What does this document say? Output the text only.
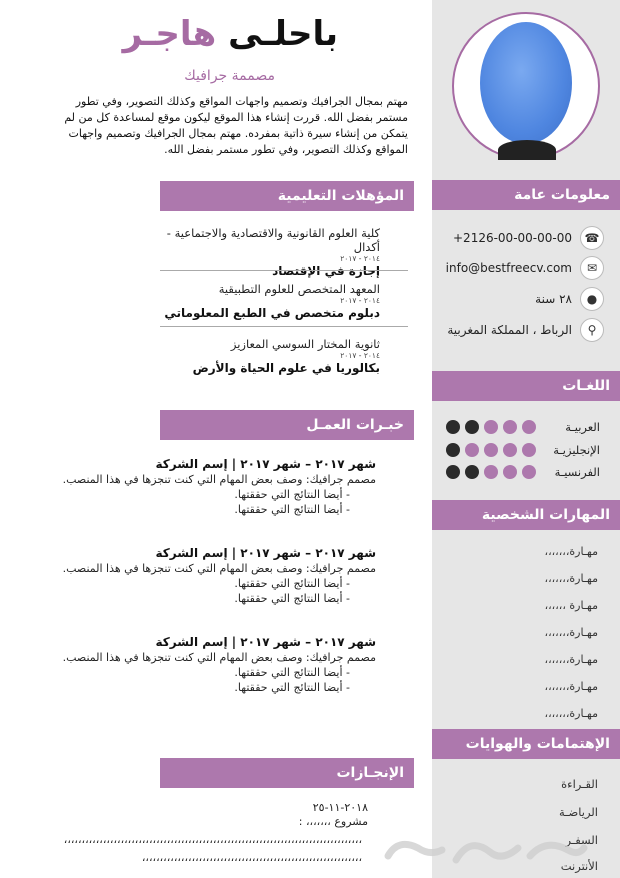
باحلـى هاجـر
مصممة جرافيك
مهتم بمجال الجرافيك وتصميم واجهات المواقع وكذلك التصوير، وفي تطور مستمر بفضل الله. قررت إنشاء هذا الموقع ليكون موقع لمساعدة كل من لم يتمكن من إنشاء سيرة ذاتية بمفرده. مهتم بمجال الجرافيك وتصميم واجهات المواقع وكذلك التصوير، وفي تطور مستمر بفضل الله.
المؤهلات التعليمية
كلية العلوم القانونية والاقتصادية والاجتماعية - أكدال
٢٠١٤ - ٢٠١٧
إجازة في الإقتصاد
المعهد المتخصص للعلوم التطبيقية
٢٠١٤ - ٢٠١٧
دبلوم متخصص في الطبع المعلوماتي
ثانوية المختار السوسي المعازيز
٢٠١٤ - ٢٠١٧
بكالوريا في علوم الحياة والأرض
خبـرات العمـل
شهر ٢٠١٧ – شهر ٢٠١٧ | إسم الشركة
مصمم جرافيك: وصف بعض المهام التي كنت تنجزها في هذا المنصب.
- أيضا النتائج التي حققتها.
- أيضا النتائج التي حققتها.
شهر ٢٠١٧ – شهر ٢٠١٧ | إسم الشركة
مصمم جرافيك: وصف بعض المهام التي كنت تنجزها في هذا المنصب.
- أيضا النتائج التي حققتها.
- أيضا النتائج التي حققتها.
شهر ٢٠١٧ – شهر ٢٠١٧ | إسم الشركة
مصمم جرافيك: وصف بعض المهام التي كنت تنجزها في هذا المنصب.
- أيضا النتائج التي حققتها.
- أيضا النتائج التي حققتها.
الإنجـازات
٢٠١٨-١١-٢٥
مشروع ،،،،،،، :
،،،،،،،،،،،،،،،،،،،،،،،،،،،،،،،،،،،،،،،،،،،،،،،،،،،،،،،،،،،،،،،،،،،،،،،،،،،،،،،،،،،،
،،،،،،،،،،،،،،،،،،،،،،،،،،،،،،،،،،،،،،،،،،،،،،،،،،،،،،،،،،،،،،
معلومات عامة
☎
+2126-00-00-00-00
✉
info@bestfreecv.com
●
٢٨ سنة
⚲
الرباط ، المملكة المغربية
اللغـات
العربيـة
الإنجليزيـة
الفرنسيـة
المهارات الشخصية
مهـارة،،،،،،،
مهـارة،،،،،،،
مهـارة ،،،،،،
مهـارة،،،،،،،
مهـارة،،،،،،،
مهـارة،،،،،،،
مهـارة،،،،،،،
الإهتمامات والهوايات
القـراءة
الرياضـة
السفـر
الأنترنت
